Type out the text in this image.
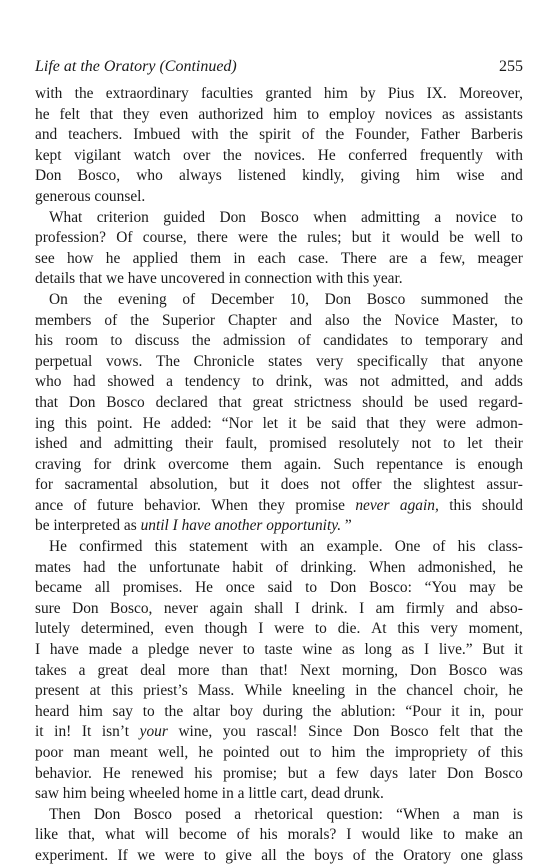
Life at the Oratory (Continued)	255
with the extraordinary faculties granted him by Pius IX. Moreover,
he felt that they even authorized him to employ novices as assistants
and teachers. Imbued with the spirit of the Founder, Father Barberis
kept vigilant watch over the novices. He conferred frequently with
Don Bosco, who always listened kindly, giving him wise and
generous counsel.
What criterion guided Don Bosco when admitting a novice to
profession? Of course, there were the rules; but it would be well to
see how he applied them in each case. There are a few, meager
details that we have uncovered in connection with this year.
On the evening of December 10, Don Bosco summoned the
members of the Superior Chapter and also the Novice Master, to
his room to discuss the admission of candidates to temporary and
perpetual vows. The Chronicle states very specifically that anyone
who had showed a tendency to drink, was not admitted, and adds
that Don Bosco declared that great strictness should be used regard-
ing this point. He added: “Nor let it be said that they were admon-
ished and admitting their fault, promised resolutely not to let their
craving for drink overcome them again. Such repentance is enough
for sacramental absolution, but it does not offer the slightest assur-
ance of future behavior. When they promise never again, this should
be interpreted as until I have another opportunity. ”
He confirmed this statement with an example. One of his class-
mates had the unfortunate habit of drinking. When admonished, he
became all promises. He once said to Don Bosco: “You may be
sure Don Bosco, never again shall I drink. I am firmly and abso-
lutely determined, even though I were to die. At this very moment,
I have made a pledge never to taste wine as long as I live.” But it
takes a great deal more than that! Next morning, Don Bosco was
present at this priest’s Mass. While kneeling in the chancel choir, he
heard him say to the altar boy during the ablution: “Pour it in, pour
it in! It isn’t your wine, you rascal! Since Don Bosco felt that the
poor man meant well, he pointed out to him the impropriety of this
behavior. He renewed his promise; but a few days later Don Bosco
saw him being wheeled home in a little cart, dead drunk.
Then Don Bosco posed a rhetorical question: “When a man is
like that, what will become of his morals? I would like to make an
experiment. If we were to give all the boys of the Oratory one glass
